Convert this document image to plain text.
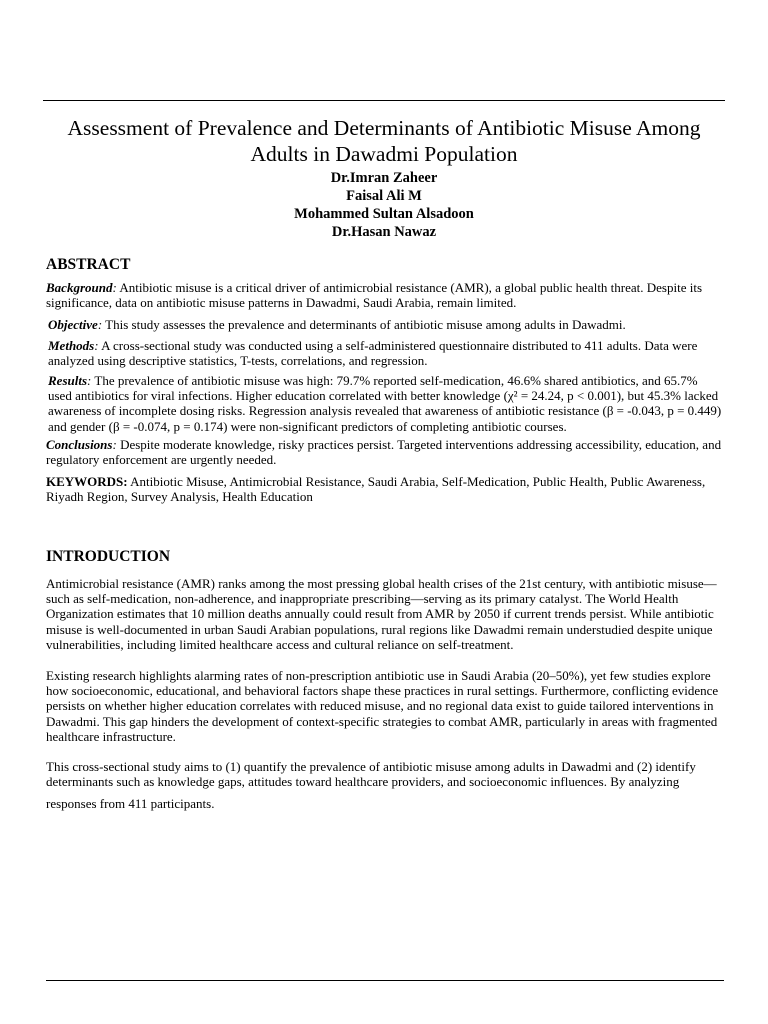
Assessment of Prevalence and Determinants of Antibiotic Misuse Among Adults in Dawadmi Population
Dr.Imran Zaheer
Faisal Ali M
Mohammed Sultan Alsadoon
Dr.Hasan Nawaz
ABSTRACT

Background: Antibiotic misuse is a critical driver of antimicrobial resistance (AMR), a global public health threat. Despite its significance, data on antibiotic misuse patterns in Dawadmi, Saudi Arabia, remain limited.

Objective: This study assesses the prevalence and determinants of antibiotic misuse among adults in Dawadmi.

Methods: A cross-sectional study was conducted using a self-administered questionnaire distributed to 411 adults. Data were analyzed using descriptive statistics, T-tests, correlations, and regression.

Results: The prevalence of antibiotic misuse was high: 79.7% reported self-medication, 46.6% shared antibiotics, and 65.7% used antibiotics for viral infections. Higher education correlated with better knowledge (χ² = 24.24, p < 0.001), but 45.3% lacked awareness of incomplete dosing risks. Regression analysis revealed that awareness of antibiotic resistance (β = -0.043, p = 0.449) and gender (β = -0.074, p = 0.174) were non-significant predictors of completing antibiotic courses.

Conclusions: Despite moderate knowledge, risky practices persist. Targeted interventions addressing accessibility, education, and regulatory enforcement are urgently needed.

KEYWORDS: Antibiotic Misuse, Antimicrobial Resistance, Saudi Arabia, Self-Medication, Public Health, Public Awareness, Riyadh Region, Survey Analysis, Health Education

INTRODUCTION

Antimicrobial resistance (AMR) ranks among the most pressing global health crises of the 21st century, with antibiotic misuse—such as self-medication, non-adherence, and inappropriate prescribing—serving as its primary catalyst. The World Health Organization estimates that 10 million deaths annually could result from AMR by 2050 if current trends persist. While antibiotic misuse is well-documented in urban Saudi Arabian populations, rural regions like Dawadmi remain understudied despite unique vulnerabilities, including limited healthcare access and cultural reliance on self-treatment.

Existing research highlights alarming rates of non-prescription antibiotic use in Saudi Arabia (20–50%), yet few studies explore how socioeconomic, educational, and behavioral factors shape these practices in rural settings. Furthermore, conflicting evidence persists on whether higher education correlates with reduced misuse, and no regional data exist to guide tailored interventions in Dawadmi. This gap hinders the development of context-specific strategies to combat AMR, particularly in areas with fragmented healthcare infrastructure.

This cross-sectional study aims to (1) quantify the prevalence of antibiotic misuse among adults in Dawadmi and (2) identify determinants such as knowledge gaps, attitudes toward healthcare providers, and socioeconomic influences. By analyzing

responses from 411 participants.
